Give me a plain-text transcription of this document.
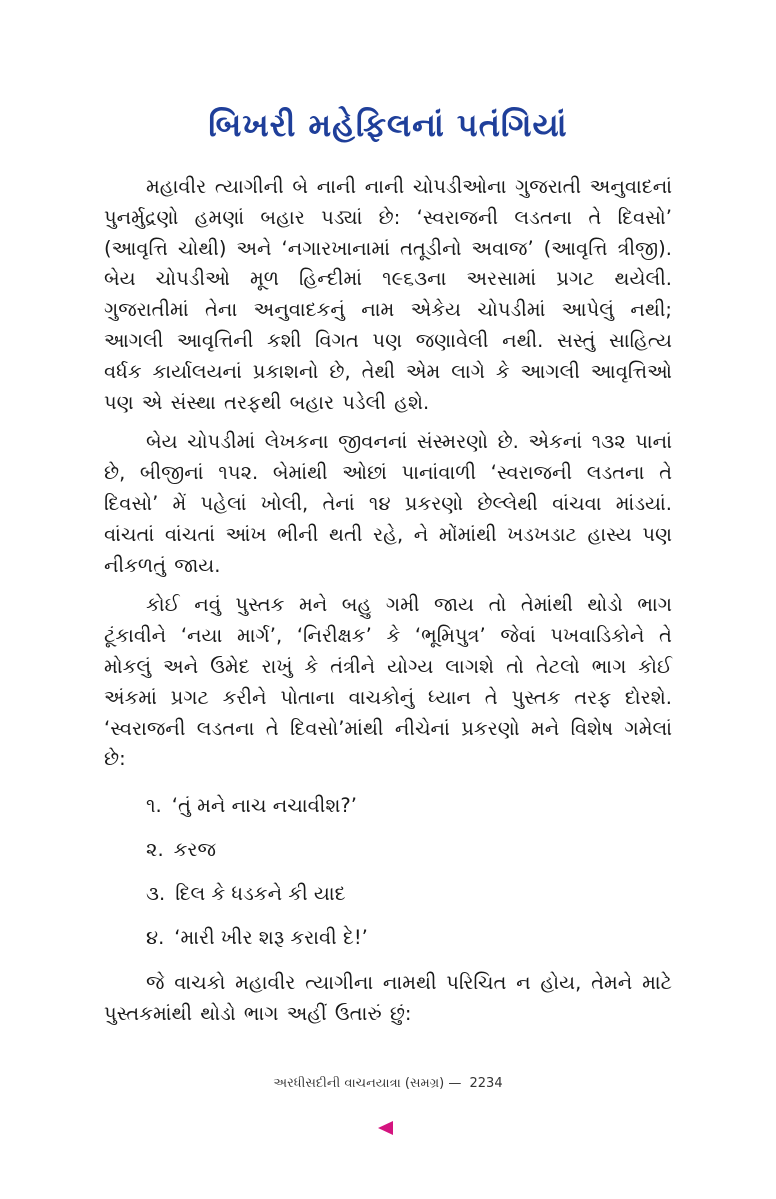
બિખરી મહેફિલનાં પતંગિયાં

મહાવીર ત્યાગીની બે નાની નાની ચોપડીઓના ગુજરાતી અનુવાદનાં પુનર્મુદ્રણો હમણાં બહાર પડ્યાં છે: ‘સ્વરાજની લડતના તે દિવસો’ (આવૃત્તિ ચોથી) અને ‘નગારખાનામાં તતૂડીનો અવાજ’ (આવૃત્તિ ત્રીજી). બેય ચોપડીઓ મૂળ હિન્દીમાં ૧૯૬૩ના અરસામાં પ્રગટ થયેલી. ગુજરાતીમાં તેના અનુવાદકનું નામ એકેય ચોપડીમાં આપેલું નથી; આગલી આવૃત્તિની કશી વિગત પણ જણાવેલી નથી. સસ્તું સાહિત્ય વર્ધક કાર્યાલયનાં પ્રકાશનો છે, તેથી એમ લાગે કે આગલી આવૃત્તિઓ પણ એ સંસ્થા તરફથી બહાર પડેલી હશે.

બેય ચોપડીમાં લેખકના જીવનનાં સંસ્મરણો છે. એકનાં ૧૩૨ પાનાં છે, બીજીનાં ૧૫૨. બેમાંથી ઓછાં પાનાંવાળી ‘સ્વરાજની લડતના તે દિવસો’ મેં પહેલાં ખોલી, તેનાં ૧૪ પ્રકરણો છેલ્લેથી વાંચવા માંડયાં. વાંચતાં વાંચતાં આંખ ભીની થતી રહે, ને મોંમાંથી ખડખડાટ હાસ્ય પણ નીકળતું જાય.

કોઈ નવું પુસ્તક મને બહુ ગમી જાય તો તેમાંથી થોડો ભાગ ટૂંકાવીને ‘નયા માર્ગ’, ‘નિરીક્ષક’ કે ‘ભૂમિપુત્ર’ જેવાં પખવાડિકોને તે મોકલું અને ઉમેદ રાખું કે તંત્રીને યોગ્ય લાગશે તો તેટલો ભાગ કોઈ અંકમાં પ્રગટ કરીને પોતાના વાચકોનું ધ્યાન તે પુસ્તક તરફ દોરશે. ‘સ્વરાજની લડતના તે દિવસો’માંથી નીચેનાં પ્રકરણો મને વિશેષ ગમેલાં છે:

૧. ‘તું મને નાચ નચાવીશ?’
૨. કરજ
૩. દિલ કે ધડકને કી યાદ
૪. ‘મારી ખીર શરૂ કરાવી દે!’

જે વાચકો મહાવીર ત્યાગીના નામથી પરિચિત ન હોય, તેમને માટે પુસ્તકમાંથી થોડો ભાગ અહીં ઉતારું છું:

અરધીસદીની વાચનયાત્રા (સમગ્ર) — 2234
